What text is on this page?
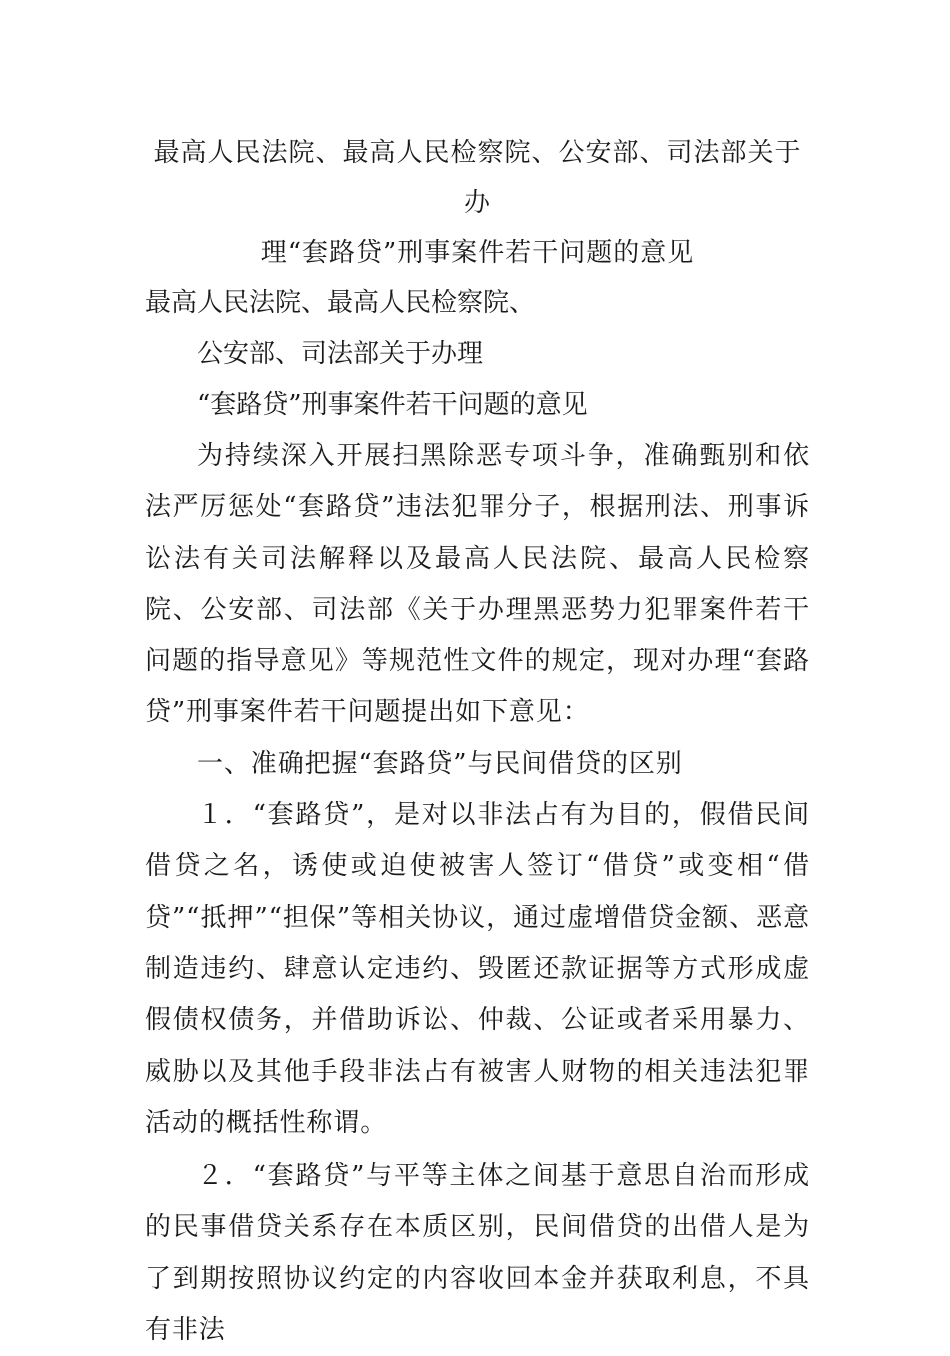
最高人民法院、最高人民检察院、公安部、司法部关于办
理“套路贷”刑事案件若干问题的意见

最高人民法院、最高人民检察院、

公安部、司法部关于办理

“套路贷”刑事案件若干问题的意见

为持续深入开展扫黑除恶专项斗争，准确甄别和依法严厉惩处“套路贷”违法犯罪分子，根据刑法、刑事诉讼法有关司法解释以及最高人民法院、最高人民检察院、公安部、司法部《关于办理黑恶势力犯罪案件若干问题的指导意见》等规范性文件的规定，现对办理“套路贷”刑事案件若干问题提出如下意见：

一、准确把握“套路贷”与民间借贷的区别

１．“套路贷”，是对以非法占有为目的，假借民间借贷之名，诱使或迫使被害人签订“借贷”或变相“借贷”“抵押”“担保”等相关协议，通过虚增借贷金额、恶意制造违约、肆意认定违约、毁匿还款证据等方式形成虚假债权债务，并借助诉讼、仲裁、公证或者采用暴力、威胁以及其他手段非法占有被害人财物的相关违法犯罪活动的概括性称谓。

２．“套路贷”与平等主体之间基于意思自治而形成的民事借贷关系存在本质区别，民间借贷的出借人是为了到期按照协议约定的内容收回本金并获取利息，不具有非法
